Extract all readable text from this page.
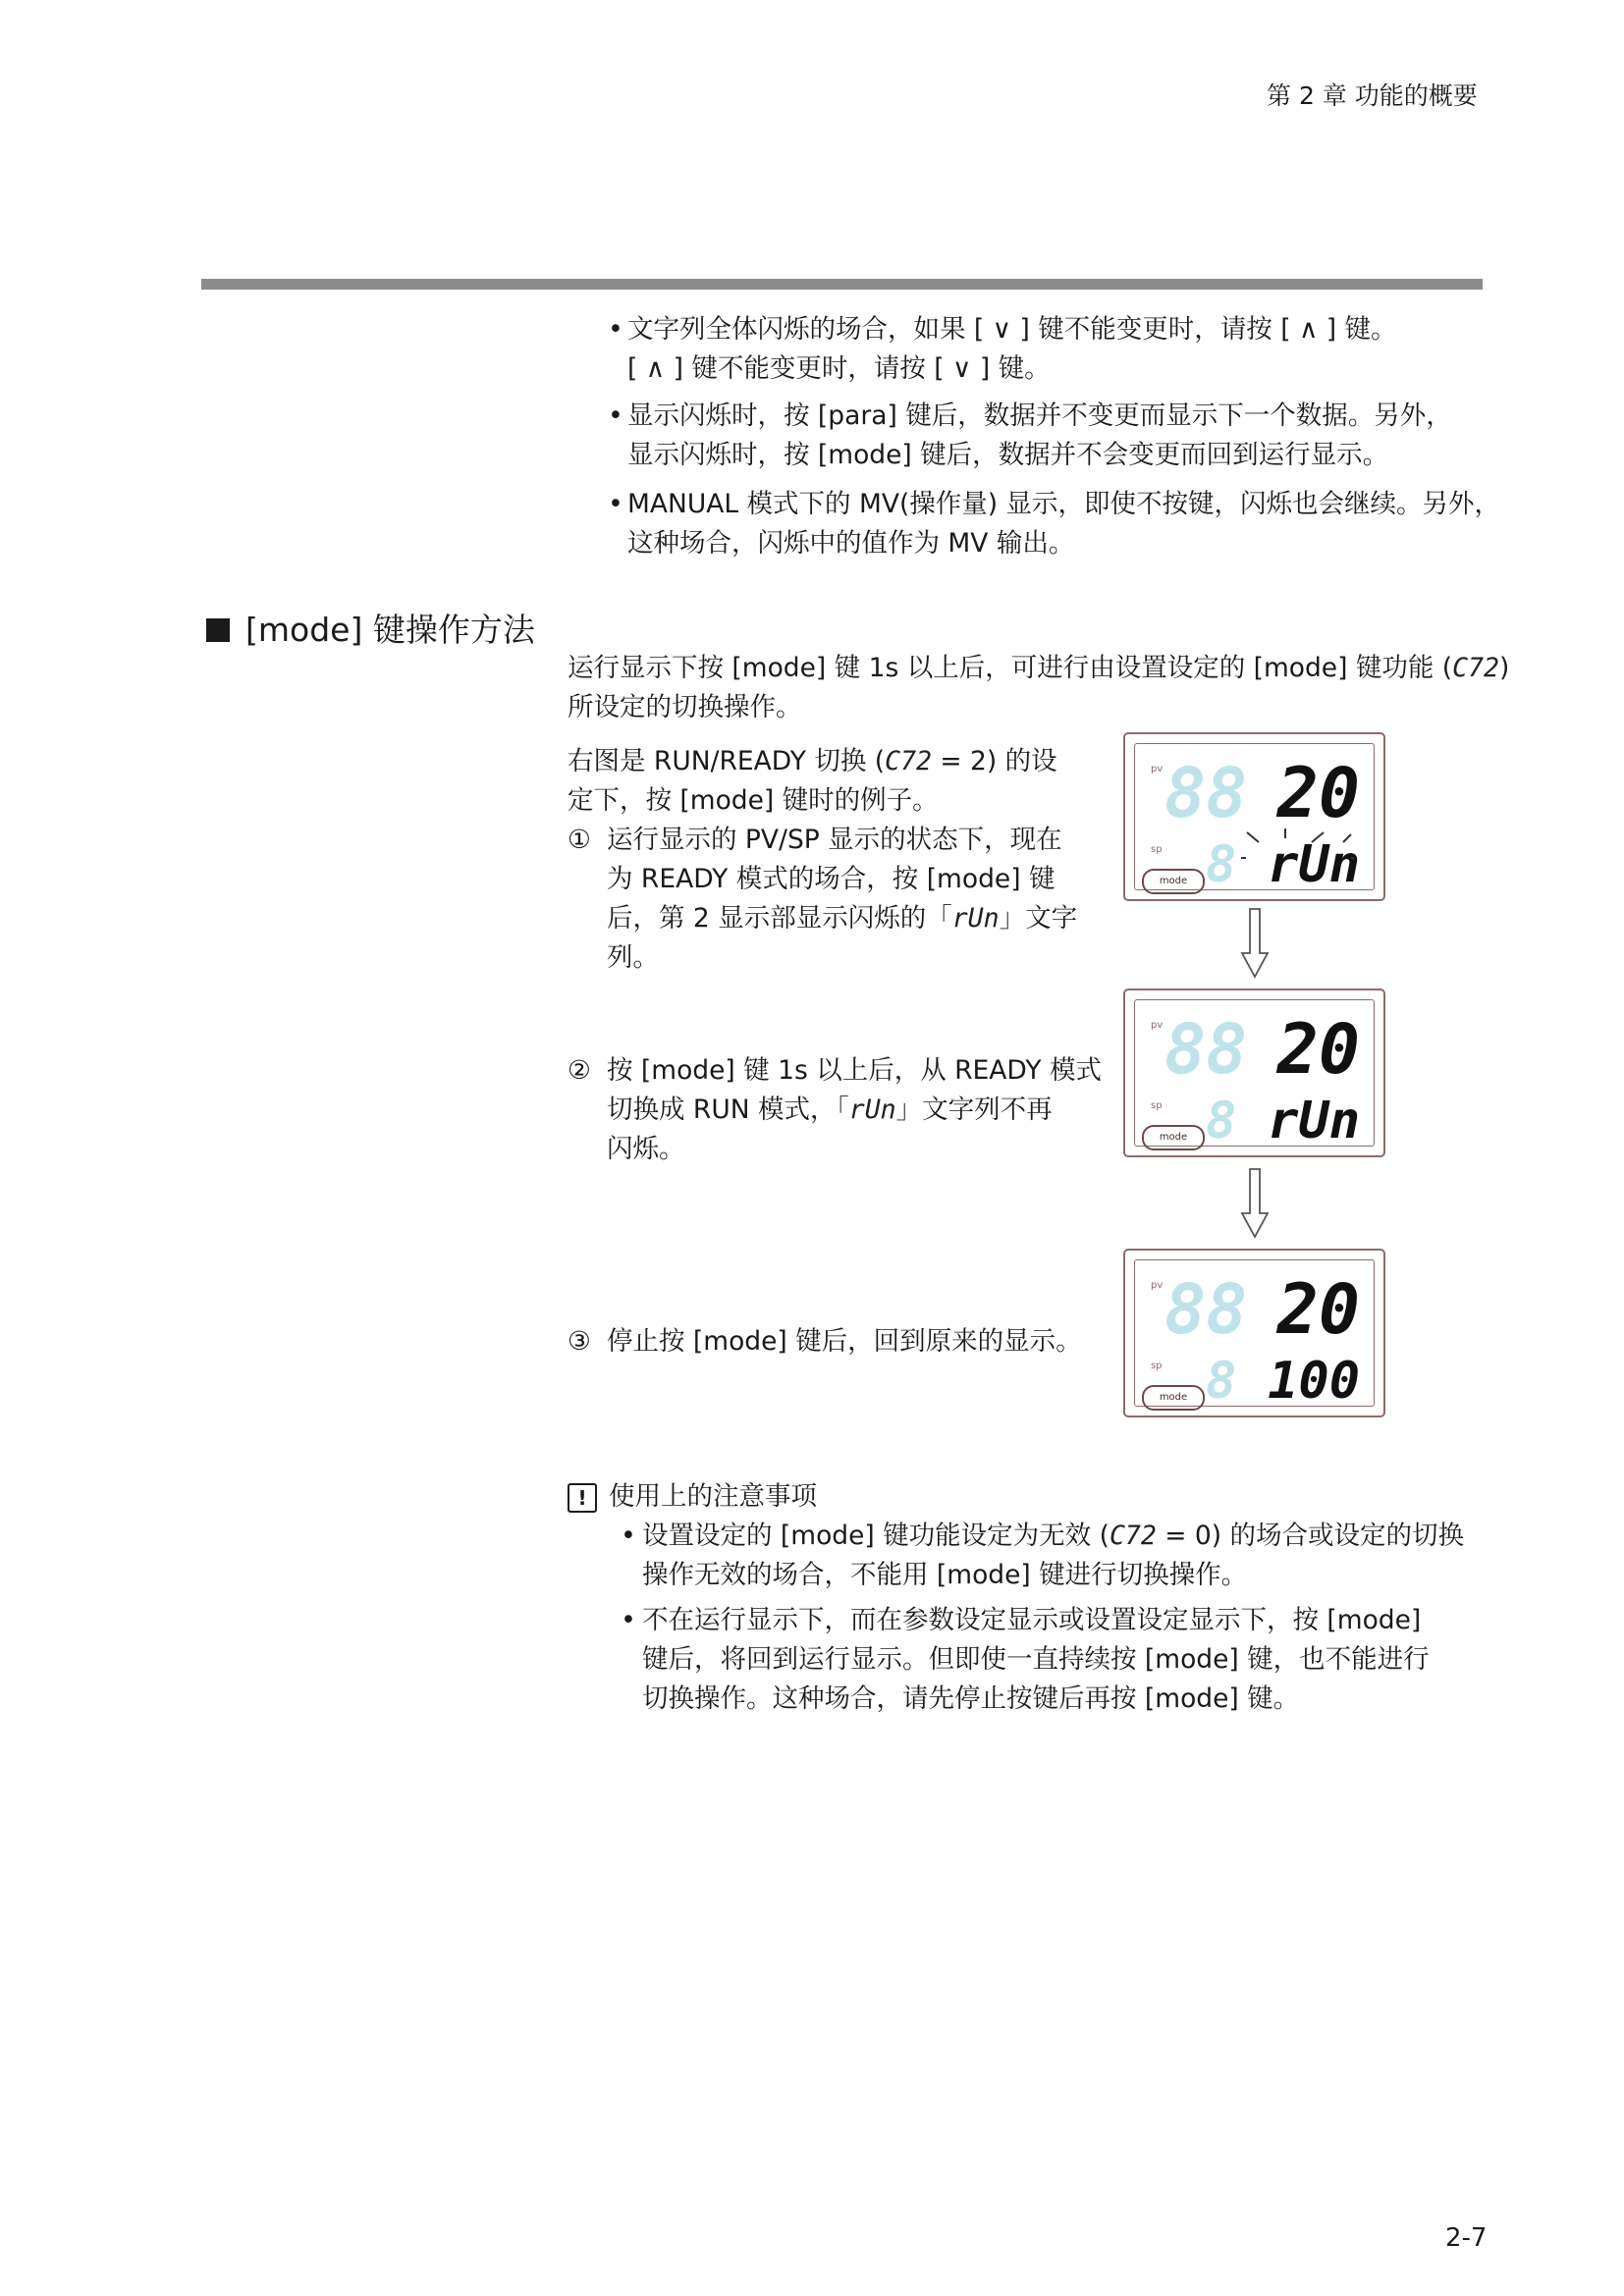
第 2 章 功能的概要
• 文字列全体闪烁的场合，如果 [ ∨ ] 键不能变更时，请按 [ ∧ ] 键。
[ ∧ ] 键不能变更时，请按 [ ∨ ] 键。
• 显示闪烁时，按 [para] 键后，数据并不变更而显示下一个数据。另外，
显示闪烁时，按 [mode] 键后，数据并不会变更而回到运行显示。
• MANUAL 模式下的 MV(操作量) 显示，即使不按键，闪烁也会继续。另外，
这种场合，闪烁中的值作为 MV 输出。
[mode] 键操作方法
运行显示下按 [mode] 键 1s 以上后，可进行由设置设定的 [mode] 键功能 (C72)
所设定的切换操作。
右图是 RUN/READY 切换 (C72 = 2) 的设
定下，按 [mode] 键时的例子。
① 运行显示的 PV/SP 显示的状态下，现在
为 READY 模式的场合，按 [mode] 键
后，第 2 显示部显示闪烁的「rUn」文字
列。
② 按 [mode] 键 1s 以上后，从 READY 模式
切换成 RUN 模式，「rUn」文字列不再
闪烁。
③ 停止按 [mode] 键后，回到原来的显示。
pv
sp
88 20
8 rUn
mode
pv
sp
88 20
8 rUn
mode
pv
sp
88 20
8 100
mode
! 使用上的注意事项
• 设置设定的 [mode] 键功能设定为无效 (C72 = 0) 的场合或设定的切换
操作无效的场合，不能用 [mode] 键进行切换操作。
• 不在运行显示下，而在参数设定显示或设置设定显示下，按 [mode]
键后，将回到运行显示。但即使一直持续按 [mode] 键，也不能进行
切换操作。这种场合，请先停止按键后再按 [mode] 键。
2-7
